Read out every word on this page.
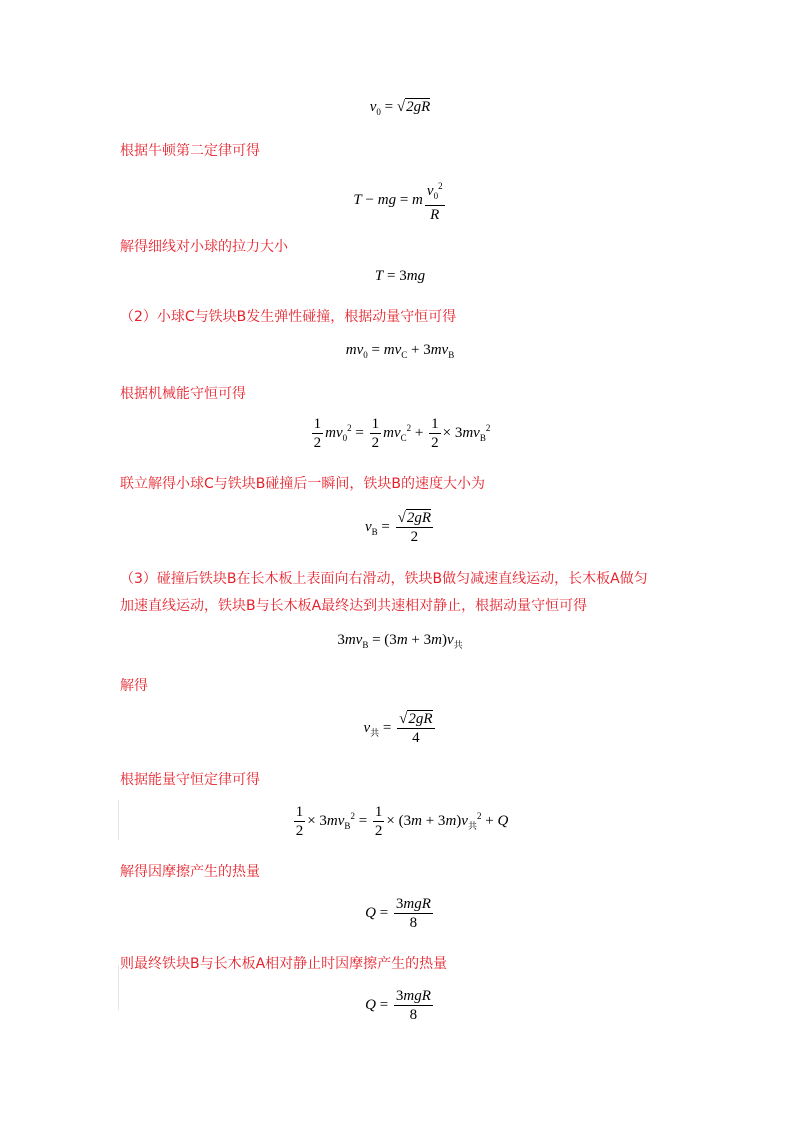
$v_0 = √2gR$
根据牛顿第二定律可得
T − mg = m $\frac{v_0^2}{R}$
解得细线对小球的拉力大小
T = 3mg
（2）小球C与铁块B发生弹性碰撞，根据动量守恒可得
$mv_0 = mv_C + 3mv_B$
根据机械能守恒可得
$\frac{1}{2} mv_0^2 = \frac{1}{2} mv_C^2 + \frac{1}{2} \times 3mv_B^2$
联立解得小球C与铁块B碰撞后一瞬间，铁块B的速度大小为
$v_B = \frac{√2gR}{2}$
（3）碰撞后铁块B在长木板上表面向右滑动，铁块B做匀减速直线运动，长木板A做匀
加速直线运动，铁块B与长木板A最终达到共速相对静止，根据动量守恒可得
$3mv_B = (3m + 3m)v_共$
解得
$v_共 = \frac{√2gR}{4}$
根据能量守恒定律可得
$\frac{1}{2} \times 3mv_B^2 = \frac{1}{2} \times (3m + 3m)v_共^2 + Q$
解得因摩擦产生的热量
$Q = \frac{\text{3mgR}}{8}$
则最终铁块B与长木板A相对静止时因摩擦产生的热量
$Q = \frac{\text{3mgR}}{8}$
